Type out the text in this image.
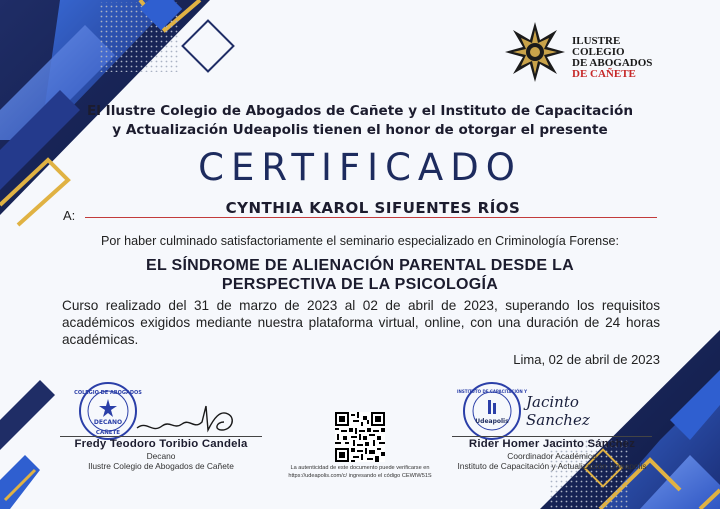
ILUSTRE
COLEGIO
DE ABOGADOS
DE CAÑETE
El Ilustre Colegio de Abogados de Cañete y el Instituto de Capacitación
y Actualización Udeapolis tienen el honor de otorgar el presente
CERTIFICADO
A:	CYNTHIA KAROL SIFUENTES RÍOS
Por haber culminado satisfactoriamente el seminario especializado en Criminología Forense:
EL SÍNDROME DE ALIENACIÓN PARENTAL DESDE LA
PERSPECTIVA DE LA PSICOLOGÍA
Curso realizado del 31 de marzo de 2023 al 02 de abril de 2023, superando los requisitos académicos exigidos mediante nuestra plataforma virtual, online, con una duración de 24 horas académicas.
Lima, 02 de abril de 2023
COLEGIO DE ABOGADOS
DECANO
CAÑETE
Fredy Teodoro Toribio Candela
Decano
Ilustre Colegio de Abogados de Cañete	La autenticidad de este documento puede verificarse en
https://udeapolis.com/c/ ingresando el código CEWIW51S
INSTITUTO DE CAPACITACIÓN Y
Udeapolis
Jacinto Sanchez
Rider Homer Jacinto Sánchez
Coordinador Académico
Instituto de Capacitación y Actualización Udeapolis
